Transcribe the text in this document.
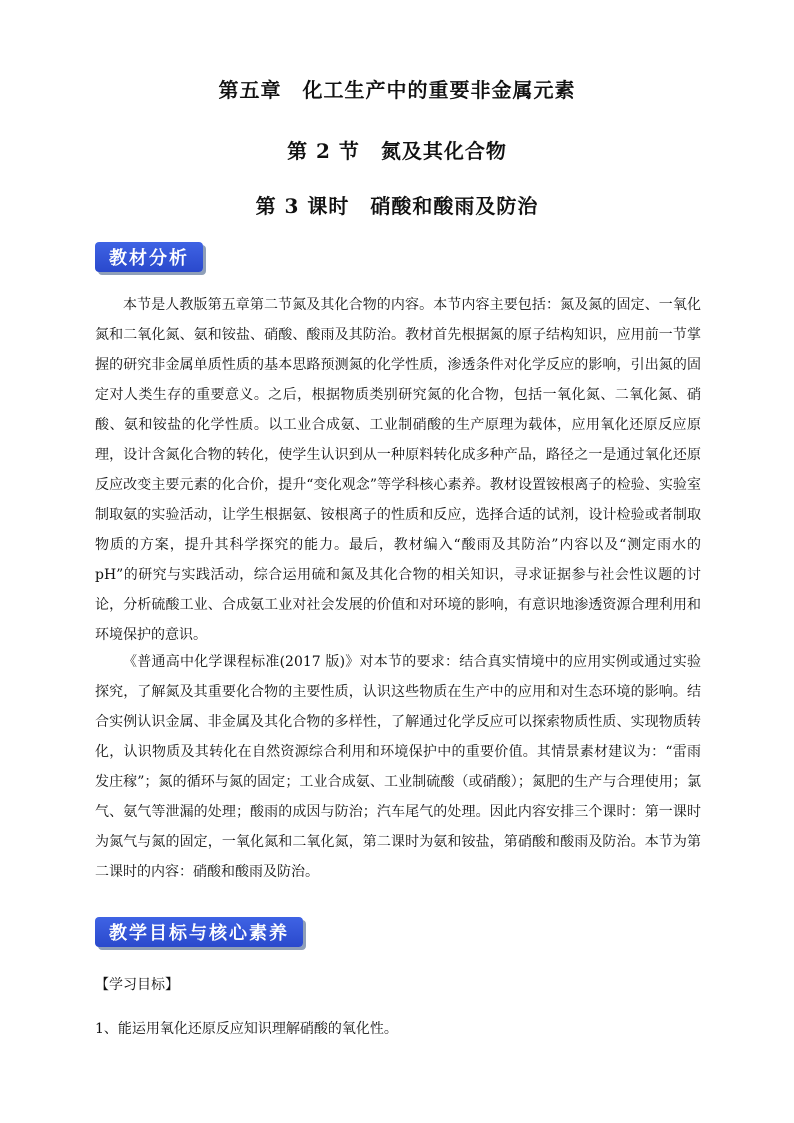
第五章　化工生产中的重要非金属元素
第 2 节　氮及其化合物
第 3 课时　硝酸和酸雨及防治
教材分析

本节是人教版第五章第二节氮及其化合物的内容。本节内容主要包括：氮及氮的固定、一氧化氮和二氧化氮、氨和铵盐、硝酸、酸雨及其防治。教材首先根据氮的原子结构知识，应用前一节掌握的研究非金属单质性质的基本思路预测氮的化学性质，渗透条件对化学反应的影响，引出氮的固定对人类生存的重要意义。之后，根据物质类别研究氮的化合物，包括一氧化氮、二氧化氮、硝酸、氨和铵盐的化学性质。以工业合成氨、工业制硝酸的生产原理为载体，应用氧化还原反应原理，设计含氮化合物的转化，使学生认识到从一种原料转化成多种产品，路径之一是通过氧化还原反应改变主要元素的化合价，提升“变化观念”等学科核心素养。教材设置铵根离子的检验、实验室制取氨的实验活动，让学生根据氨、铵根离子的性质和反应，选择合适的试剂，设计检验或者制取物质的方案，提升其科学探究的能力。最后，教材编入“酸雨及其防治”内容以及“测定雨水的 pH”的研究与实践活动，综合运用硫和氮及其化合物的相关知识，寻求证据参与社会性议题的讨论，分析硫酸工业、合成氨工业对社会发展的价值和对环境的影响，有意识地渗透资源合理利用和环境保护的意识。

《普通高中化学课程标准(2017 版)》对本节的要求：结合真实情境中的应用实例或通过实验探究，了解氮及其重要化合物的主要性质，认识这些物质在生产中的应用和对生态环境的影响。结合实例认识金属、非金属及其化合物的多样性，了解通过化学反应可以探索物质性质、实现物质转化，认识物质及其转化在自然资源综合利用和环境保护中的重要价值。其情景素材建议为：“雷雨发庄稼”；氮的循环与氮的固定；工业合成氨、工业制硫酸（或硝酸）；氮肥的生产与合理使用；氯气、氨气等泄漏的处理；酸雨的成因与防治；汽车尾气的处理。因此内容安排三个课时：第一课时为氮气与氮的固定，一氧化氮和二氧化氮，第二课时为氨和铵盐，第硝酸和酸雨及防治。本节为第二课时的内容：硝酸和酸雨及防治。

教学目标与核心素养
【学习目标】
1、能运用氧化还原反应知识理解硝酸的氧化性。
